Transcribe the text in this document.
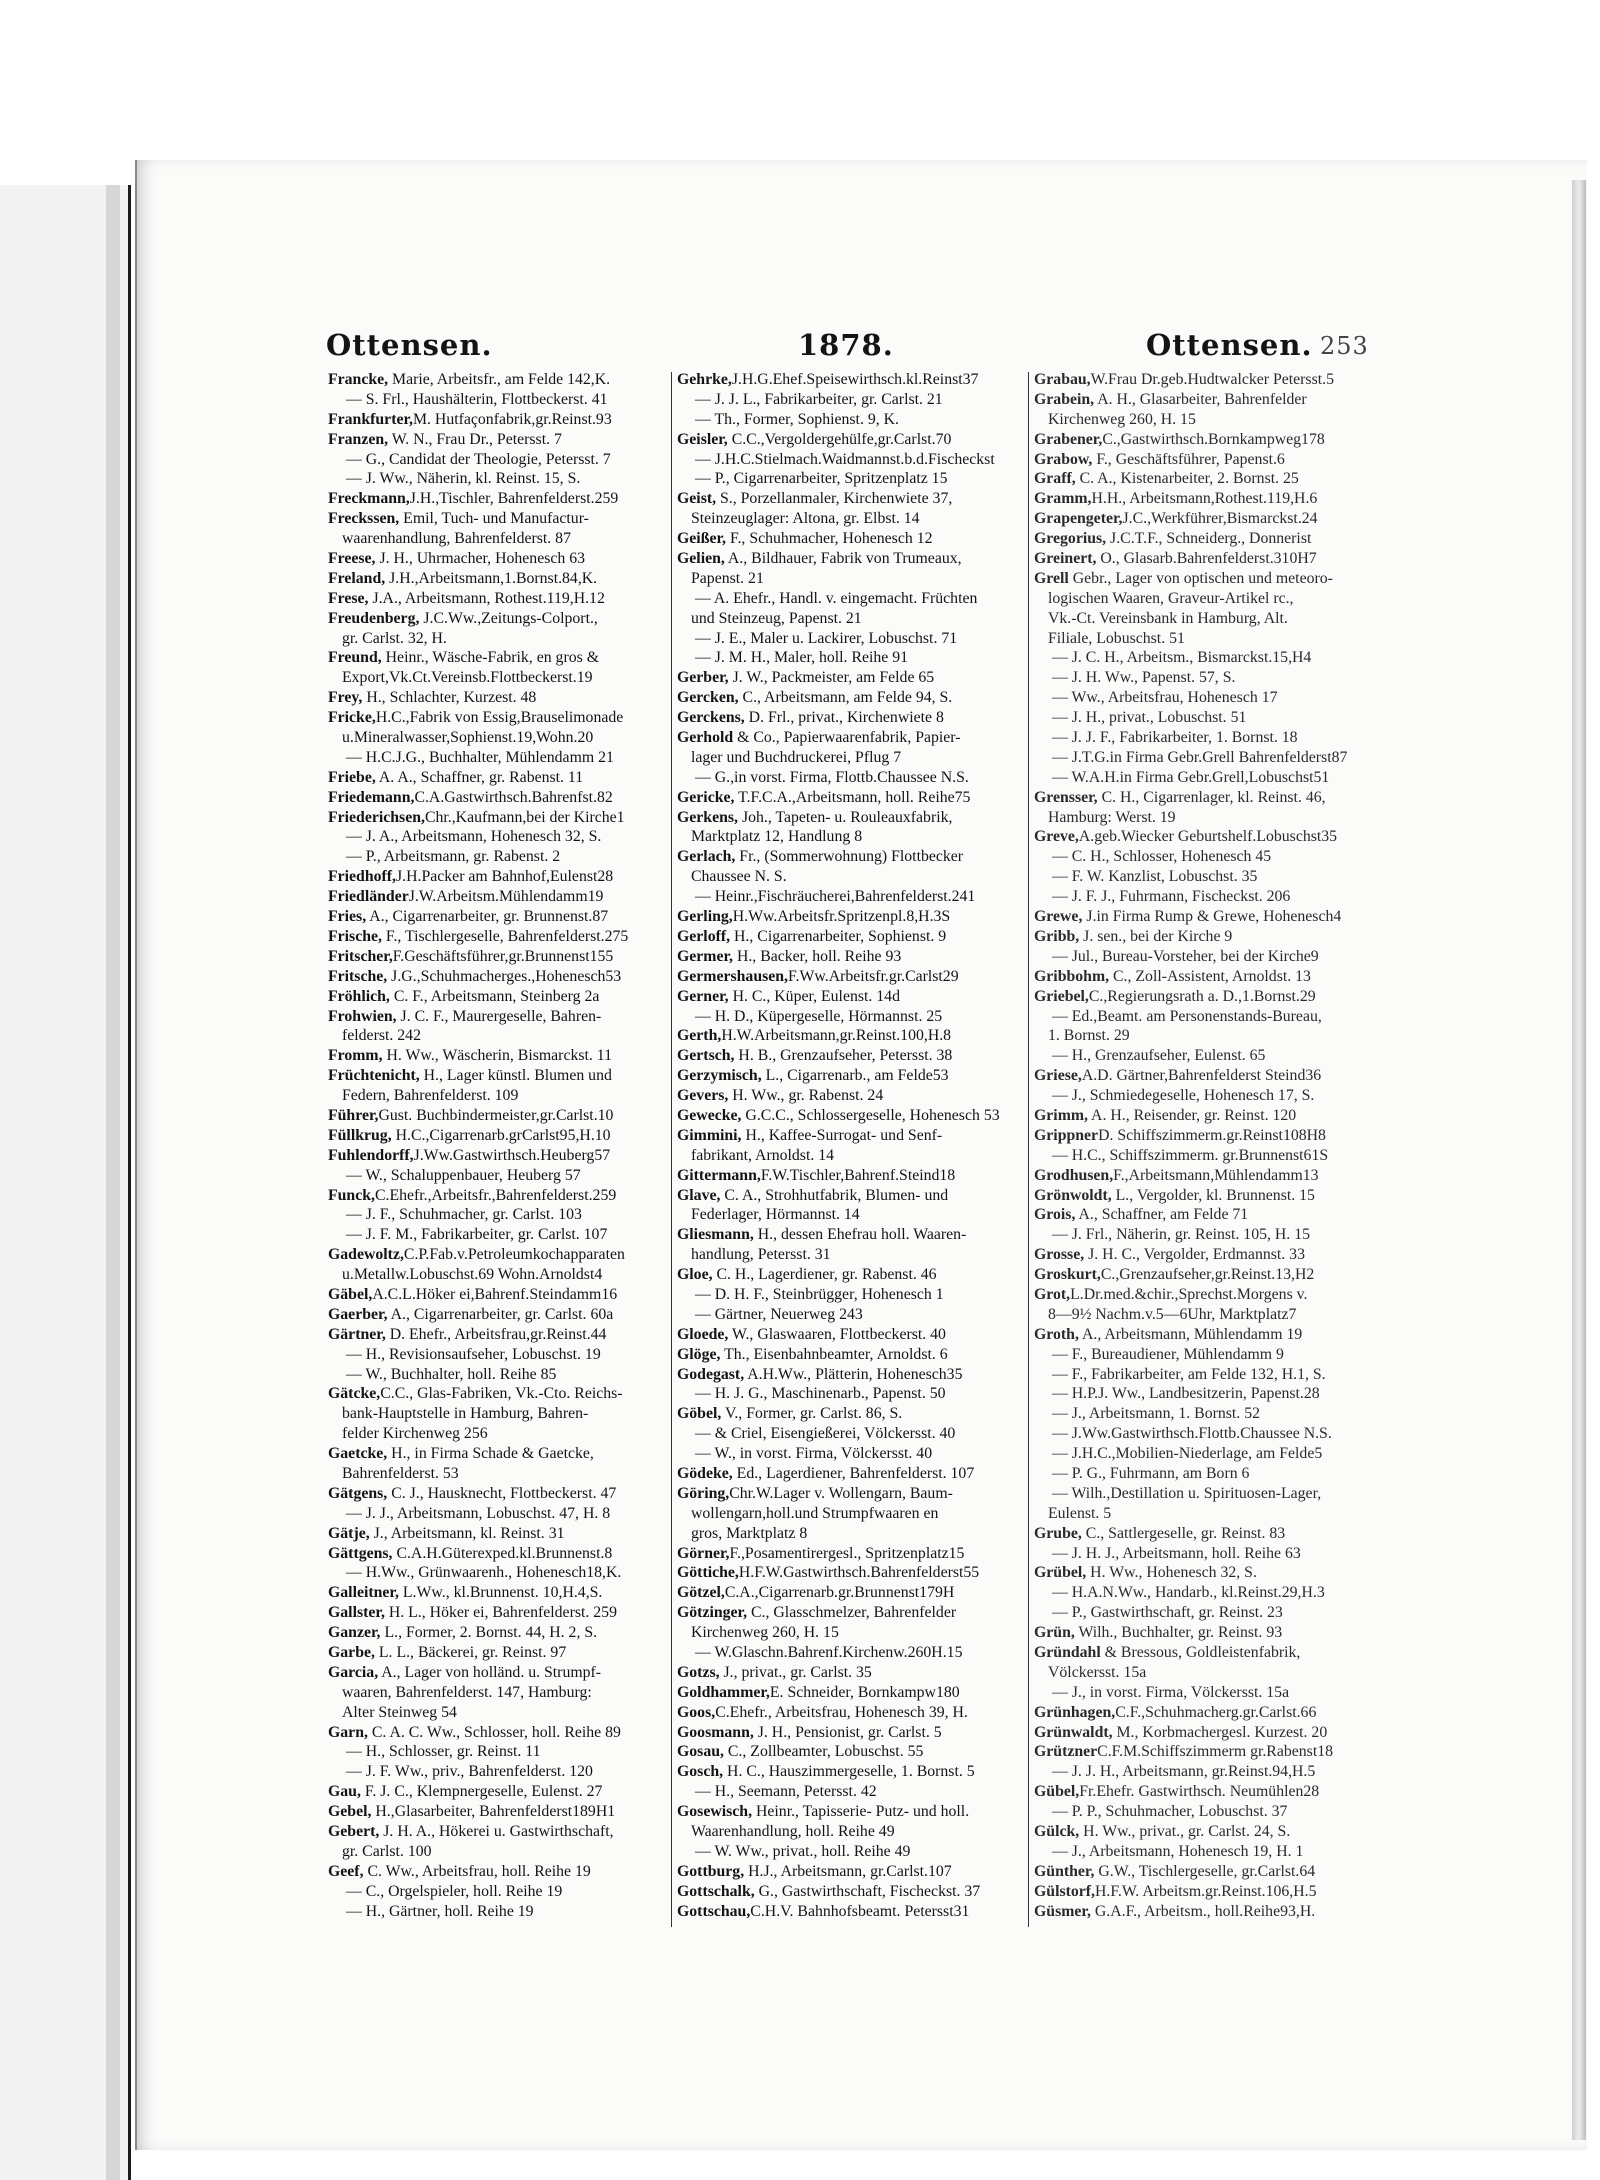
Ottensen.	1878.	Ottensen. 253
Francke, Marie, Arbeitsfr., am Felde 142,K.
— S. Frl., Haushälterin, Flottbeckerst. 41
Frankfurter,M. Hutfaçonfabrik,gr.Reinst.93
Franzen, W. N., Frau Dr., Petersst. 7
— G., Candidat der Theologie, Petersst. 7
— J. Ww., Näherin, kl. Reinst. 15, S.
Freckmann,J.H.,Tischler, Bahrenfelderst.259
Freckssen, Emil, Tuch- und Manufactur-
waarenhandlung, Bahrenfelderst. 87
Freese, J. H., Uhrmacher, Hohenesch 63
Freland, J.H.,Arbeitsmann,1.Bornst.84,K.
Frese, J.A., Arbeitsmann, Rothest.119,H.12
Freudenberg, J.C.Ww.,Zeitungs-Colport.,
gr. Carlst. 32, H.
Freund, Heinr., Wäsche-Fabrik, en gros &
Export,Vk.Ct.Vereinsb.Flottbeckerst.19
Frey, H., Schlachter, Kurzest. 48
Fricke,H.C.,Fabrik von Essig,Brauselimonade
u.Mineralwasser,Sophienst.19,Wohn.20
— H.C.J.G., Buchhalter, Mühlendamm 21
Friebe, A. A., Schaffner, gr. Rabenst. 11
Friedemann,C.A.Gastwirthsch.Bahrenfst.82
Friederichsen,Chr.,Kaufmann,bei der Kirche1
— J. A., Arbeitsmann, Hohenesch 32, S.
— P., Arbeitsmann, gr. Rabenst. 2
Friedhoff,J.H.Packer am Bahnhof,Eulenst28
FriedländerJ.W.Arbeitsm.Mühlendamm19
Fries, A., Cigarrenarbeiter, gr. Brunnenst.87
Frische, F., Tischlergeselle, Bahrenfelderst.275
Fritscher,F.Geschäftsführer,gr.Brunnenst155
Fritsche, J.G.,Schuhmacherges.,Hohenesch53
Fröhlich, C. F., Arbeitsmann, Steinberg 2a
Frohwien, J. C. F., Maurergeselle, Bahren-
felderst. 242
Fromm, H. Ww., Wäscherin, Bismarckst. 11
Früchtenicht, H., Lager künstl. Blumen und
Federn, Bahrenfelderst. 109
Führer,Gust. Buchbindermeister,gr.Carlst.10
Füllkrug, H.C.,Cigarrenarb.grCarlst95,H.10
Fuhlendorff,J.Ww.Gastwirthsch.Heuberg57
— W., Schaluppenbauer, Heuberg 57
Funck,C.Ehefr.,Arbeitsfr.,Bahrenfelderst.259
— J. F., Schuhmacher, gr. Carlst. 103
— J. F. M., Fabrikarbeiter, gr. Carlst. 107
Gadewoltz,C.P.Fab.v.Petroleumkochapparaten
u.Metallw.Lobuschst.69 Wohn.Arnoldst4
Gäbel,A.C.L.Höker ei,Bahrenf.Steindamm16
Gaerber, A., Cigarrenarbeiter, gr. Carlst. 60a
Gärtner, D. Ehefr., Arbeitsfrau,gr.Reinst.44
— H., Revisionsaufseher, Lobuschst. 19
— W., Buchhalter, holl. Reihe 85
Gätcke,C.C., Glas-Fabriken, Vk.-Cto. Reichs-
bank-Hauptstelle in Hamburg, Bahren-
felder Kirchenweg 256
Gaetcke, H., in Firma Schade & Gaetcke,
Bahrenfelderst. 53
Gätgens, C. J., Hausknecht, Flottbeckerst. 47
— J. J., Arbeitsmann, Lobuschst. 47, H. 8
Gätje, J., Arbeitsmann, kl. Reinst. 31
Gättgens, C.A.H.Güterexped.kl.Brunnenst.8
— H.Ww., Grünwaarenh., Hohenesch18,K.
Galleitner, L.Ww., kl.Brunnenst. 10,H.4,S.
Gallster, H. L., Höker ei, Bahrenfelderst. 259
Ganzer, L., Former, 2. Bornst. 44, H. 2, S.
Garbe, L. L., Bäckerei, gr. Reinst. 97
Garcia, A., Lager von holländ. u. Strumpf-
waaren, Bahrenfelderst. 147, Hamburg:
Alter Steinweg 54
Garn, C. A. C. Ww., Schlosser, holl. Reihe 89
— H., Schlosser, gr. Reinst. 11
— J. F. Ww., priv., Bahrenfelderst. 120
Gau, F. J. C., Klempnergeselle, Eulenst. 27
Gebel, H.,Glasarbeiter, Bahrenfelderst189H1
Gebert, J. H. A., Hökerei u. Gastwirthschaft,
gr. Carlst. 100
Geef, C. Ww., Arbeitsfrau, holl. Reihe 19
— C., Orgelspieler, holl. Reihe 19
— H., Gärtner, holl. Reihe 19
Gehrke,J.H.G.Ehef.Speisewirthsch.kl.Reinst37
— J. J. L., Fabrikarbeiter, gr. Carlst. 21
— Th., Former, Sophienst. 9, K.
Geisler, C.C.,Vergoldergehülfe,gr.Carlst.70
— J.H.C.Stielmach.Waidmannst.b.d.Fischeckst
— P., Cigarrenarbeiter, Spritzenplatz 15
Geist, S., Porzellanmaler, Kirchenwiete 37,
Steinzeuglager: Altona, gr. Elbst. 14
Geißer, F., Schuhmacher, Hohenesch 12
Gelien, A., Bildhauer, Fabrik von Trumeaux,
Papenst. 21
— A. Ehefr., Handl. v. eingemacht. Früchten
und Steinzeug, Papenst. 21
— J. E., Maler u. Lackirer, Lobuschst. 71
— J. M. H., Maler, holl. Reihe 91
Gerber, J. W., Packmeister, am Felde 65
Gercken, C., Arbeitsmann, am Felde 94, S.
Gerckens, D. Frl., privat., Kirchenwiete 8
Gerhold & Co., Papierwaarenfabrik, Papier-
lager und Buchdruckerei, Pflug 7
— G.,in vorst. Firma, Flottb.Chaussee N.S.
Gericke, T.F.C.A.,Arbeitsmann, holl. Reihe75
Gerkens, Joh., Tapeten- u. Rouleauxfabrik,
Marktplatz 12, Handlung 8
Gerlach, Fr., (Sommerwohnung) Flottbecker
Chaussee N. S.
— Heinr.,Fischräucherei,Bahrenfelderst.241
Gerling,H.Ww.Arbeitsfr.Spritzenpl.8,H.3S
Gerloff, H., Cigarrenarbeiter, Sophienst. 9
Germer, H., Backer, holl. Reihe 93
Germershausen,F.Ww.Arbeitsfr.gr.Carlst29
Gerner, H. C., Küper, Eulenst. 14d
— H. D., Küpergeselle, Hörmannst. 25
Gerth,H.W.Arbeitsmann,gr.Reinst.100,H.8
Gertsch, H. B., Grenzaufseher, Petersst. 38
Gerzymisch, L., Cigarrenarb., am Felde53
Gevers, H. Ww., gr. Rabenst. 24
Gewecke, G.C.C., Schlossergeselle, Hohenesch 53
Gimmini, H., Kaffee-Surrogat- und Senf-
fabrikant, Arnoldst. 14
Gittermann,F.W.Tischler,Bahrenf.Steind18
Glave, C. A., Strohhutfabrik, Blumen- und
Federlager, Hörmannst. 14
Gliesmann, H., dessen Ehefrau holl. Waaren-
handlung, Petersst. 31
Gloe, C. H., Lagerdiener, gr. Rabenst. 46
— D. H. F., Steinbrügger, Hohenesch 1
— Gärtner, Neuerweg 243
Gloede, W., Glaswaaren, Flottbeckerst. 40
Glöge, Th., Eisenbahnbeamter, Arnoldst. 6
Godegast, A.H.Ww., Plätterin, Hohenesch35
— H. J. G., Maschinenarb., Papenst. 50
Göbel, V., Former, gr. Carlst. 86, S.
— & Criel, Eisengießerei, Völckersst. 40
— W., in vorst. Firma, Völckersst. 40
Gödeke, Ed., Lagerdiener, Bahrenfelderst. 107
Göring,Chr.W.Lager v. Wollengarn, Baum-
wollengarn,holl.und Strumpfwaaren en
gros, Marktplatz 8
Görner,F.,Posamentirergesl., Spritzenplatz15
Göttiche,H.F.W.Gastwirthsch.Bahrenfelderst55
Götzel,C.A.,Cigarrenarb.gr.Brunnenst179H
Götzinger, C., Glasschmelzer, Bahrenfelder
Kirchenweg 260, H. 15
— W.Glaschn.Bahrenf.Kirchenw.260H.15
Gotzs, J., privat., gr. Carlst. 35
Goldhammer,E. Schneider, Bornkampw180
Goos,C.Ehefr., Arbeitsfrau, Hohenesch 39, H.
Goosmann, J. H., Pensionist, gr. Carlst. 5
Gosau, C., Zollbeamter, Lobuschst. 55
Gosch, H. C., Hauszimmergeselle, 1. Bornst. 5
— H., Seemann, Petersst. 42
Gosewisch, Heinr., Tapisserie- Putz- und holl.
Waarenhandlung, holl. Reihe 49
— W. Ww., privat., holl. Reihe 49
Gottburg, H.J., Arbeitsmann, gr.Carlst.107
Gottschalk, G., Gastwirthschaft, Fischeckst. 37
Gottschau,C.H.V. Bahnhofsbeamt. Petersst31
Grabau,W.Frau Dr.geb.Hudtwalcker Petersst.5
Grabein, A. H., Glasarbeiter, Bahrenfelder
Kirchenweg 260, H. 15
Grabener,C.,Gastwirthsch.Bornkampweg178
Grabow, F., Geschäftsführer, Papenst.6
Graff, C. A., Kistenarbeiter, 2. Bornst. 25
Gramm,H.H., Arbeitsmann,Rothest.119,H.6
Grapengeter,J.C.,Werkführer,Bismarckst.24
Gregorius, J.C.T.F., Schneiderg., Donnerist
Greinert, O., Glasarb.Bahrenfelderst.310H7
Grell Gebr., Lager von optischen und meteoro-
logischen Waaren, Graveur-Artikel rc.,
Vk.-Ct. Vereinsbank in Hamburg, Alt.
Filiale, Lobuschst. 51
— J. C. H., Arbeitsm., Bismarckst.15,H4
— J. H. Ww., Papenst. 57, S.
— Ww., Arbeitsfrau, Hohenesch 17
— J. H., privat., Lobuschst. 51
— J. J. F., Fabrikarbeiter, 1. Bornst. 18
— J.T.G.in Firma Gebr.Grell Bahrenfelderst87
— W.A.H.in Firma Gebr.Grell,Lobuschst51
Grensser, C. H., Cigarrenlager, kl. Reinst. 46,
Hamburg: Werst. 19
Greve,A.geb.Wiecker Geburtshelf.Lobuschst35
— C. H., Schlosser, Hohenesch 45
— F. W. Kanzlist, Lobuschst. 35
— J. F. J., Fuhrmann, Fischeckst. 206
Grewe, J.in Firma Rump & Grewe, Hohenesch4
Gribb, J. sen., bei der Kirche 9
— Jul., Bureau-Vorsteher, bei der Kirche9
Gribbohm, C., Zoll-Assistent, Arnoldst. 13
Griebel,C.,Regierungsrath a. D.,1.Bornst.29
— Ed.,Beamt. am Personenstands-Bureau,
1. Bornst. 29
— H., Grenzaufseher, Eulenst. 65
Griese,A.D. Gärtner,Bahrenfelderst Steind36
— J., Schmiedegeselle, Hohenesch 17, S.
Grimm, A. H., Reisender, gr. Reinst. 120
GrippnerD. Schiffszimmerm.gr.Reinst108H8
— H.C., Schiffszimmerm. gr.Brunnenst61S
Grodhusen,F.,Arbeitsmann,Mühlendamm13
Grönwoldt, L., Vergolder, kl. Brunnenst. 15
Grois, A., Schaffner, am Felde 71
— J. Frl., Näherin, gr. Reinst. 105, H. 15
Grosse, J. H. C., Vergolder, Erdmannst. 33
Groskurt,C.,Grenzaufseher,gr.Reinst.13,H2
Grot,L.Dr.med.&chir.,Sprechst.Morgens v.
8—9½ Nachm.v.5—6Uhr, Marktplatz7
Groth, A., Arbeitsmann, Mühlendamm 19
— F., Bureaudiener, Mühlendamm 9
— F., Fabrikarbeiter, am Felde 132, H.1, S.
— H.P.J. Ww., Landbesitzerin, Papenst.28
— J., Arbeitsmann, 1. Bornst. 52
— J.Ww.Gastwirthsch.Flottb.Chaussee N.S.
— J.H.C.,Mobilien-Niederlage, am Felde5
— P. G., Fuhrmann, am Born 6
— Wilh.,Destillation u. Spirituosen-Lager,
Eulenst. 5
Grube, C., Sattlergeselle, gr. Reinst. 83
— J. H. J., Arbeitsmann, holl. Reihe 63
Grübel, H. Ww., Hohenesch 32, S.
— H.A.N.Ww., Handarb., kl.Reinst.29,H.3
— P., Gastwirthschaft, gr. Reinst. 23
Grün, Wilh., Buchhalter, gr. Reinst. 93
Gründahl & Bressous, Goldleistenfabrik,
Völckersst. 15a
— J., in vorst. Firma, Völckersst. 15a
Grünhagen,C.F.,Schuhmacherg.gr.Carlst.66
Grünwaldt, M., Korbmachergesl. Kurzest. 20
GrütznerC.F.M.Schiffszimmerm gr.Rabenst18
— J. J. H., Arbeitsmann, gr.Reinst.94,H.5
Gübel,Fr.Ehefr. Gastwirthsch. Neumühlen28
— P. P., Schuhmacher, Lobuschst. 37
Gülck, H. Ww., privat., gr. Carlst. 24, S.
— J., Arbeitsmann, Hohenesch 19, H. 1
Günther, G.W., Tischlergeselle, gr.Carlst.64
Gülstorf,H.F.W. Arbeitsm.gr.Reinst.106,H.5
Güsmer, G.A.F., Arbeitsm., holl.Reihe93,H.
